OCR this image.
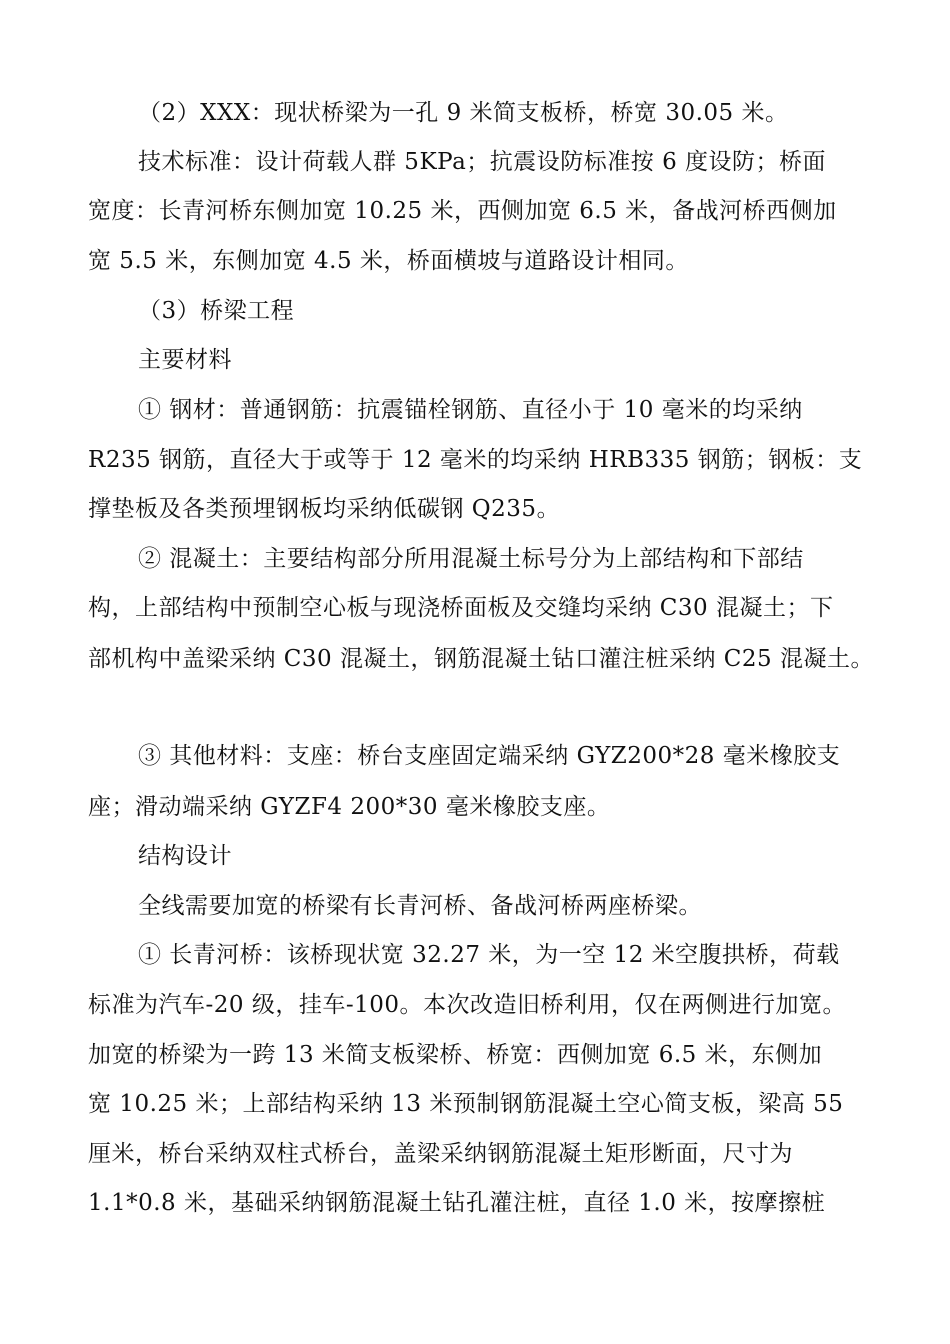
（2）XXX：现状桥梁为一孔 9 米简支板桥，桥宽 30.05 米。
技术标准：设计荷载人群 5KPa；抗震设防标准按 6 度设防；桥面
宽度：长青河桥东侧加宽 10.25 米，西侧加宽 6.5 米，备战河桥西侧加
宽 5.5 米，东侧加宽 4.5 米，桥面横坡与道路设计相同。
（3）桥梁工程
主要材料
① 钢材：普通钢筋：抗震锚栓钢筋、直径小于 10 毫米的均采纳
R235 钢筋，直径大于或等于 12 毫米的均采纳 HRB335 钢筋；钢板：支
撑垫板及各类预埋钢板均采纳低碳钢 Q235。
② 混凝土：主要结构部分所用混凝土标号分为上部结构和下部结
构，上部结构中预制空心板与现浇桥面板及交缝均采纳 C30 混凝土；下
部机构中盖梁采纳 C30 混凝土，钢筋混凝土钻口灌注桩采纳 C25 混凝土。
③ 其他材料：支座：桥台支座固定端采纳 GYZ200*28 毫米橡胶支
座；滑动端采纳 GYZF4 200*30 毫米橡胶支座。
结构设计
全线需要加宽的桥梁有长青河桥、备战河桥两座桥梁。
① 长青河桥：该桥现状宽 32.27 米，为一空 12 米空腹拱桥，荷载
标准为汽车-20 级，挂车-100。本次改造旧桥利用，仅在两侧进行加宽。
加宽的桥梁为一跨 13 米简支板梁桥、桥宽：西侧加宽 6.5 米，东侧加
宽 10.25 米；上部结构采纳 13 米预制钢筋混凝土空心简支板，梁高 55
厘米，桥台采纳双柱式桥台，盖梁采纳钢筋混凝土矩形断面，尺寸为
1.1*0.8 米，基础采纳钢筋混凝土钻孔灌注桩，直径 1.0 米，按摩擦桩
